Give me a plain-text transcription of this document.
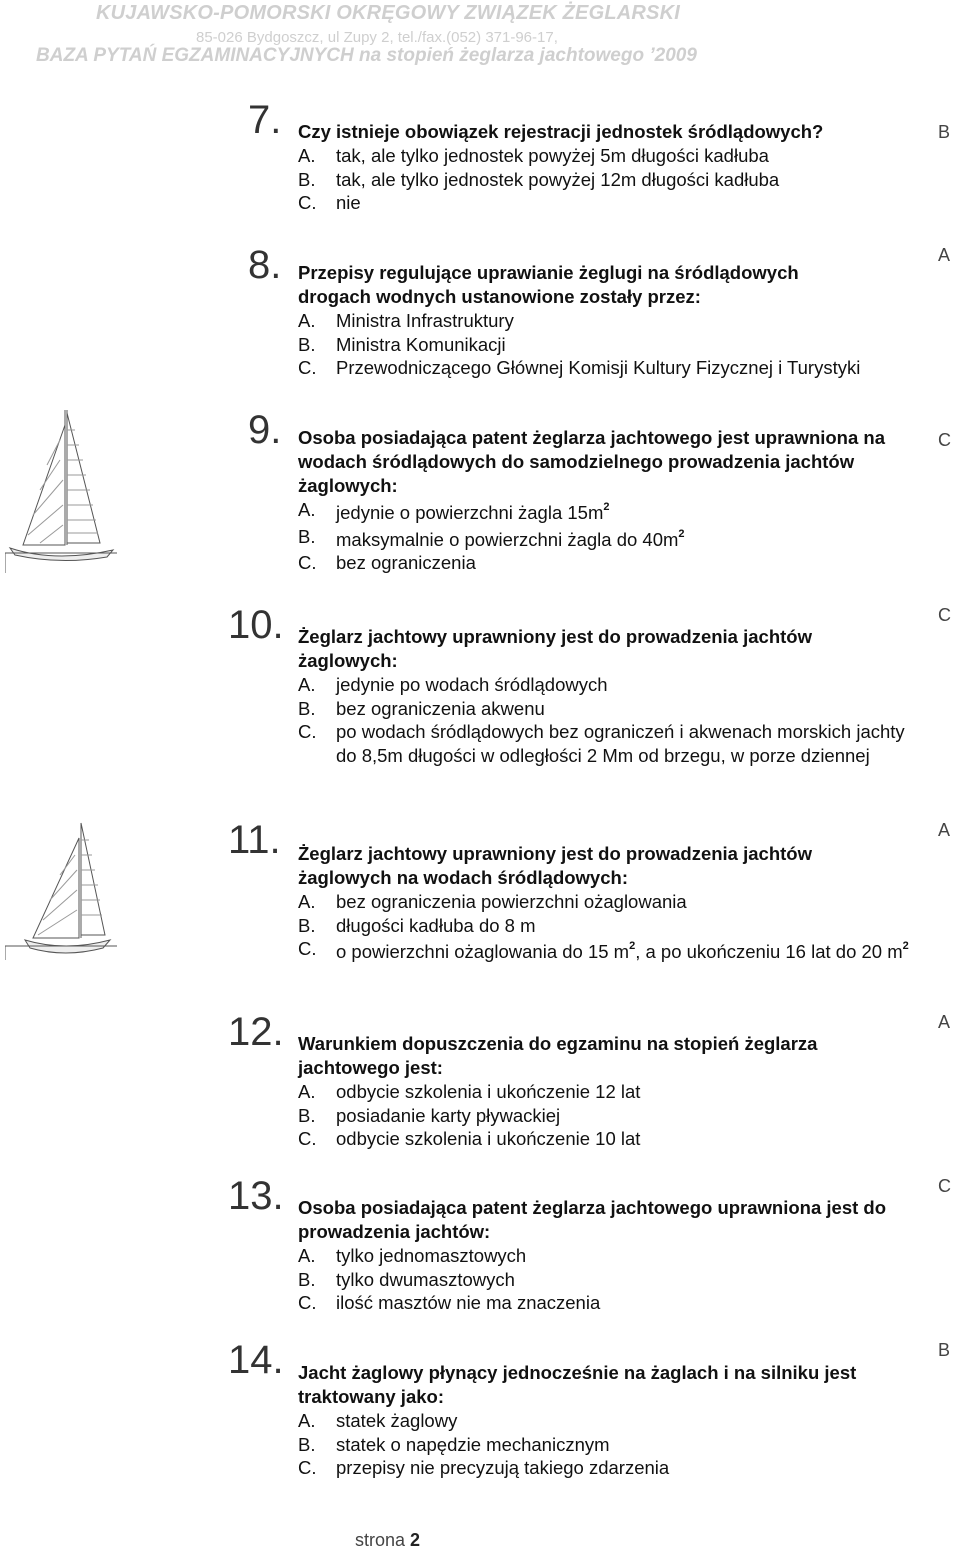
KUJAWSKO-POMORSKI OKRĘGOWY ZWIĄZEK ŻEGLARSKI
85-026 Bydgoszcz, ul Zupy 2, tel./fax.(052) 371-96-17,
BAZA PYTAŃ EGZAMINACYJNYCH na stopień żeglarza jachtowego ’2009
7. Czy istnieje obowiązek rejestracji jednostek śródlądowych?
A.	tak, ale tylko jednostek powyżej 5m długości kadłuba
B.	tak, ale tylko jednostek powyżej 12m długości kadłuba
C.	nie
B
8. Przepisy regulujące uprawianie żeglugi na śródlądowych drogach wodnych ustanowione zostały przez:
A.	Ministra Infrastruktury
B.	Ministra Komunikacji
C.	Przewodniczącego Głównej Komisji Kultury Fizycznej i Turystyki
A
9. Osoba posiadająca patent żeglarza jachtowego jest uprawniona na wodach śródlądowych do samodzielnego prowadzenia jachtów żaglowych:
A.	jedynie o powierzchni żagla $15m^2$
B.	maksymalnie o powierzchni żagla do $40m^2$
C.	bez ograniczenia
C
10. Żeglarz jachtowy uprawniony jest do prowadzenia jachtów żaglowych:
A.	jedynie po wodach śródlądowych
B.	bez ograniczenia akwenu
C.	po wodach śródlądowych bez ograniczeń i akwenach morskich jachty do 8,5m długości w odległości 2 Mm od brzegu, w porze dziennej
C
11. Żeglarz jachtowy uprawniony jest do prowadzenia jachtów żaglowych na wodach śródlądowych:
A.	bez ograniczenia powierzchni ożaglowania
B.	długości kadłuba do 8 m
C.	o powierzchni ożaglowania do 15 $m^2$, a po ukończeniu 16 lat do 20 $m^2$
A
12. Warunkiem dopuszczenia do egzaminu na stopień żeglarza jachtowego jest:
A.	odbycie szkolenia i ukończenie 12 lat
B.	posiadanie karty pływackiej
C.	odbycie szkolenia i ukończenie 10 lat
A
13. Osoba posiadająca patent żeglarza jachtowego uprawniona jest do prowadzenia jachtów:
A.	tylko jednomasztowych
B.	tylko dwumasztowych
C.	ilość masztów nie ma znaczenia
C
14. Jacht żaglowy płynący jednocześnie na żaglach i na silniku jest traktowany jako:
A.	statek żaglowy
B.	statek o napędzie mechanicznym
C.	przepisy nie precyzują takiego zdarzenia
B
strona 2
